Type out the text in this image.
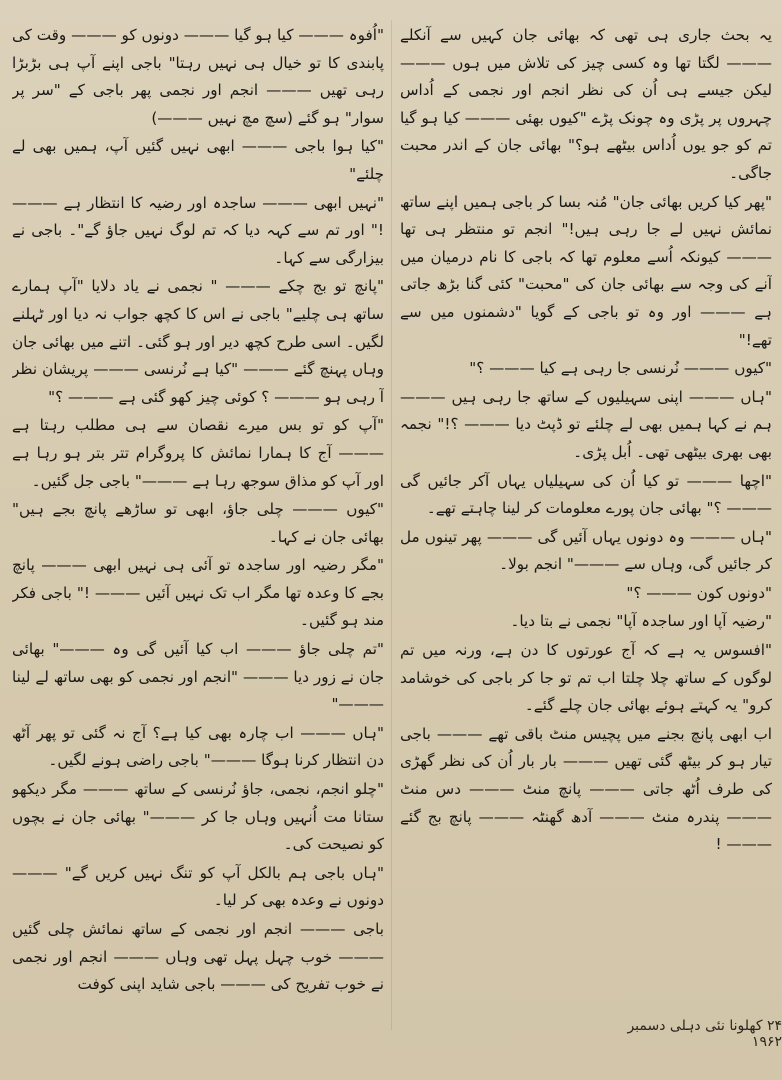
یہ بحث جاری ہی تھی کہ بھائی جان کہیں سے آنکلے ——— لگتا تھا وہ کسی چیز کی تلاش میں ہوں ——— لیکن جیسے ہی اُن کی نظر انجم اور نجمی کے اُداس چہروں پر پڑی وہ چونک پڑے "کیوں بھئی ——— کیا ہو گیا تم کو جو یوں اُداس بیٹھے ہو؟" بھائی جان کے اندر محبت جاگی۔

"پھر کیا کریں بھائی جان" مُنہ بسا کر باجی ہمیں اپنے ساتھ نمائش نہیں لے جا رہی ہیں!" انجم تو منتظر ہی تھا ——— کیونکہ اُسے معلوم تھا کہ باجی کا نام درمیان میں آنے کی وجہ سے بھائی جان کی "محبت" کئی گنا بڑھ جاتی ہے ——— اور وہ تو باجی کے گویا "دشمنوں میں سے تھے!"

"کیوں ——— نُرنسی جا رہی ہے کیا ——— ؟"

"ہاں ——— اپنی سہیلیوں کے ساتھ جا رہی ہیں ——— ہم نے کہا ہمیں بھی لے چلئے تو ڈپٹ دیا ——— ؟!" نجمہ بھی بھری بیٹھی تھی۔ اُبل پڑی۔

"اچھا ——— تو کیا اُن کی سہیلیاں یہاں آکر جائیں گی ——— ؟" بھائی جان پورے معلومات کر لینا چاہتے تھے۔

"ہاں ——— وہ دونوں یہاں آئیں گی ——— پھر تینوں مل کر جائیں گی، وہاں سے ———" انجم بولا۔

"دونوں کون ——— ؟"

"رضیہ آپا اور ساجدہ آپا" نجمی نے بتا دیا۔

"افسوس یہ ہے کہ آج عورتوں کا دن ہے، ورنہ میں تم لوگوں کے ساتھ چلا چلتا اب تم تو جا کر باجی کی خوشامد کرو" یہ کہتے ہوئے بھائی جان چلے گئے۔

اب ابھی پانچ بجنے میں پچیس منٹ باقی تھے ——— باجی تیار ہو کر بیٹھ گئی تھیں ——— بار بار اُن کی نظر گھڑی کی طرف اُٹھ جاتی ——— پانچ منٹ ——— دس منٹ ——— پندرہ منٹ ——— آدھ گھنٹہ ——— پانچ بج گئے ——— !

"اُفوہ ——— کیا ہو گیا ——— دونوں کو ——— وقت کی پابندی کا تو خیال ہی نہیں رہتا" باجی اپنے آپ ہی بڑبڑا رہی تھیں ——— انجم اور نجمی پھر باجی کے "سر پر سوار" ہو گئے (سچ مچ نہیں ———)

"کیا ہوا باجی ——— ابھی نہیں گئیں آپ، ہمیں بھی لے چلئے"

"نہیں ابھی ——— ساجدہ اور رضیہ کا انتظار ہے ——— !" اور تم سے کہہ دیا کہ تم لوگ نہیں جاؤ گے"۔ باجی نے بیزارگی سے کہا۔

"پانچ تو بج چکے ——— " نجمی نے یاد دلایا "آپ ہمارے ساتھ ہی چلیے" باجی نے اس کا کچھ جواب نہ دیا اور ٹہلنے لگیں۔ اسی طرح کچھ دیر اور ہو گئی۔ اتنے میں بھائی جان وہاں پہنچ گئے ——— "کیا ہے نُرنسی ——— پریشان نظر آ رہی ہو ——— ؟ کوئی چیز کھو گئی ہے ——— ؟"

"آپ کو تو بس میرے نقصان سے ہی مطلب رہتا ہے ——— آج کا ہمارا نمائش کا پروگرام تتر بتر ہو رہا ہے اور آپ کو مذاق سوجھ رہا ہے ———" باجی جل گئیں۔

"کیوں ——— چلی جاؤ، ابھی تو ساڑھے پانچ بجے ہیں" بھائی جان نے کہا۔

"مگر رضیہ اور ساجدہ تو آئی ہی نہیں ابھی ——— پانچ بجے کا وعدہ تھا مگر اب تک نہیں آئیں ——— !" باجی فکر مند ہو گئیں۔

"تم چلی جاؤ ——— اب کیا آئیں گی وہ ———" بھائی جان نے زور دیا ——— "انجم اور نجمی کو بھی ساتھ لے لینا ———"

"ہاں ——— اب چارہ بھی کیا ہے؟ آج نہ گئی تو پھر آٹھ دن انتظار کرنا ہوگا ———" باجی راضی ہونے لگیں۔

"چلو انجم، نجمی، جاؤ نُرنسی کے ساتھ ——— مگر دیکھو ستانا مت اُنہیں وہاں جا کر ———" بھائی جان نے بچوں کو نصیحت کی۔

"ہاں باجی ہم بالکل آپ کو تنگ نہیں کریں گے" ——— دونوں نے وعدہ بھی کر لیا۔

باجی ——— انجم اور نجمی کے ساتھ نمائش چلی گئیں ——— خوب چہل پہل تھی وہاں ——— انجم اور نجمی نے خوب تفریح کی ——— باجی شاید اپنی کوفت

۲۴ کھلونا نئی دہلی دسمبر ۱۹۶۲
